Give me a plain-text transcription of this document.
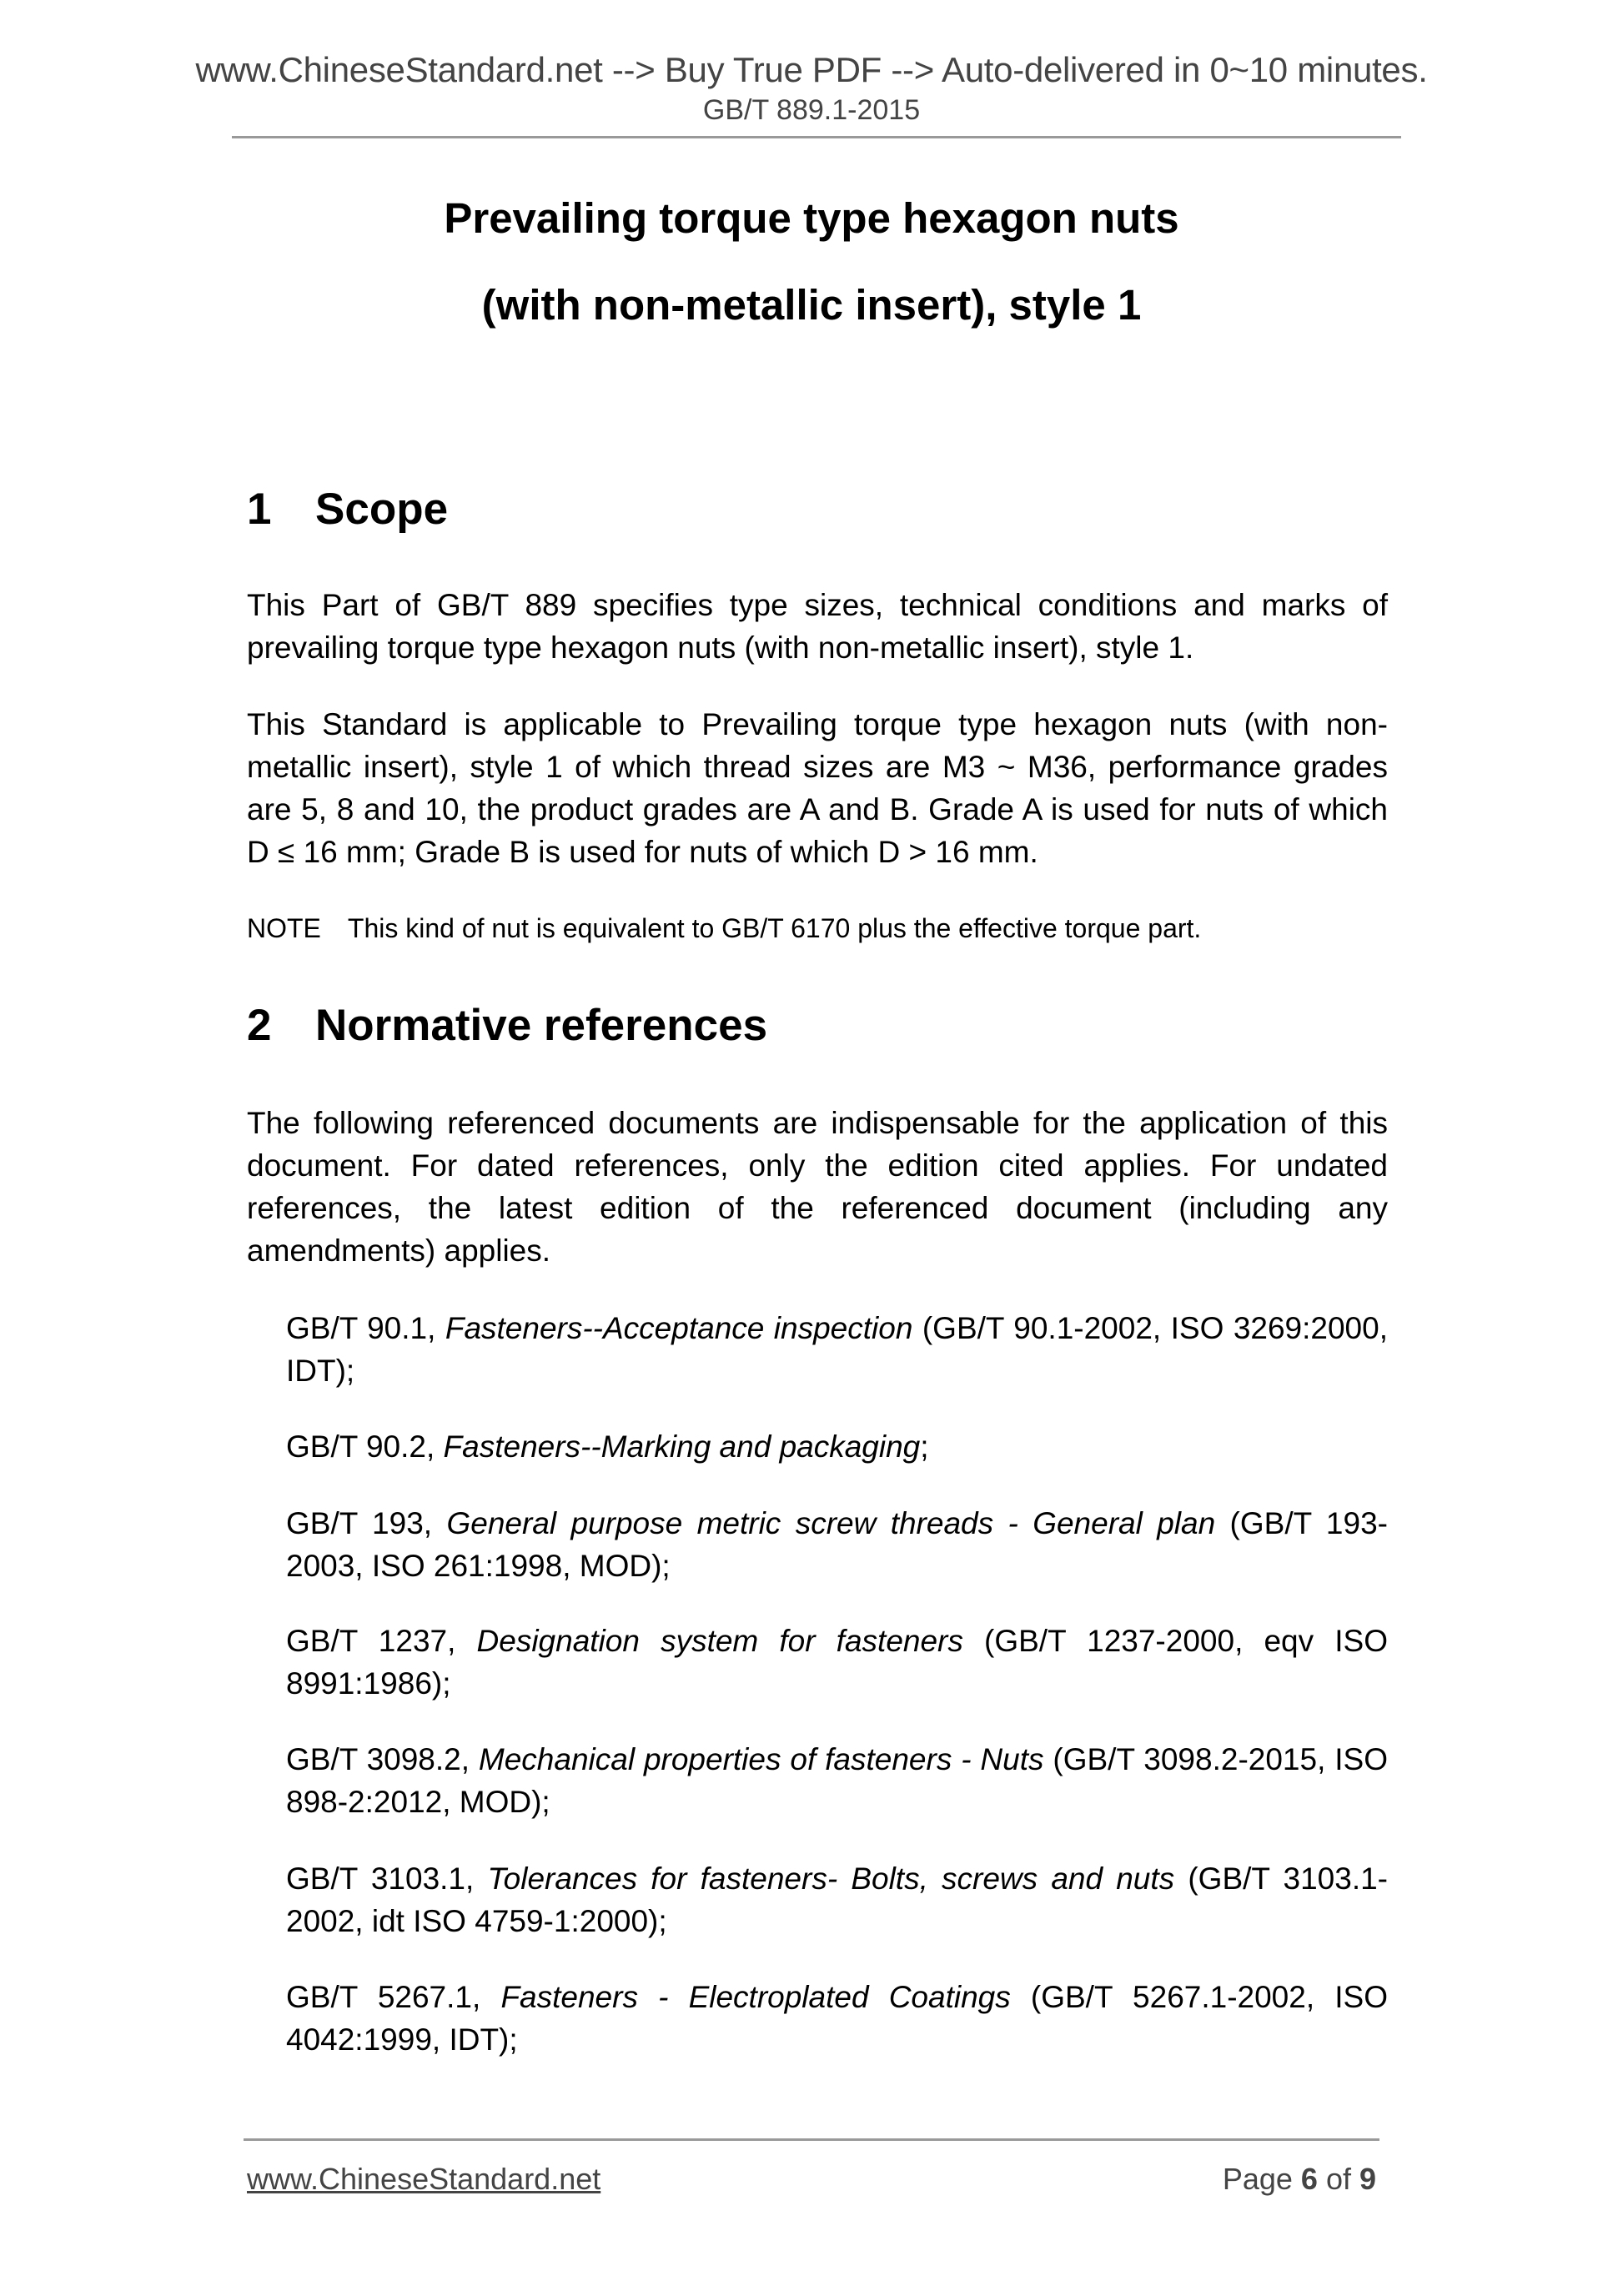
www.ChineseStandard.net --> Buy True PDF --> Auto-delivered in 0~10 minutes.
GB/T 889.1-2015
Prevailing torque type hexagon nuts
(with non-metallic insert), style 1
1 Scope
This Part of GB/T 889 specifies type sizes, technical conditions and marks of prevailing torque type hexagon nuts (with non-metallic insert), style 1.
This Standard is applicable to Prevailing torque type hexagon nuts (with non-metallic insert), style 1 of which thread sizes are M3 ~ M36, performance grades are 5, 8 and 10, the product grades are A and B. Grade A is used for nuts of which D ≤ 16 mm; Grade B is used for nuts of which D > 16 mm.
NOTE This kind of nut is equivalent to GB/T 6170 plus the effective torque part.
2 Normative references
The following referenced documents are indispensable for the application of this document. For dated references, only the edition cited applies. For undated references, the latest edition of the referenced document (including any amendments) applies.
GB/T 90.1, Fasteners--Acceptance inspection (GB/T 90.1-2002, ISO 3269:2000, IDT);
GB/T 90.2, Fasteners--Marking and packaging;
GB/T 193, General purpose metric screw threads - General plan (GB/T 193-2003, ISO 261:1998, MOD);
GB/T 1237, Designation system for fasteners (GB/T 1237-2000, eqv ISO 8991:1986);
GB/T 3098.2, Mechanical properties of fasteners - Nuts (GB/T 3098.2-2015, ISO 898-2:2012, MOD);
GB/T 3103.1, Tolerances for fasteners- Bolts, screws and nuts (GB/T 3103.1-2002, idt ISO 4759-1:2000);
GB/T 5267.1, Fasteners - Electroplated Coatings (GB/T 5267.1-2002, ISO 4042:1999, IDT);
www.ChineseStandard.net	Page 6 of 9
